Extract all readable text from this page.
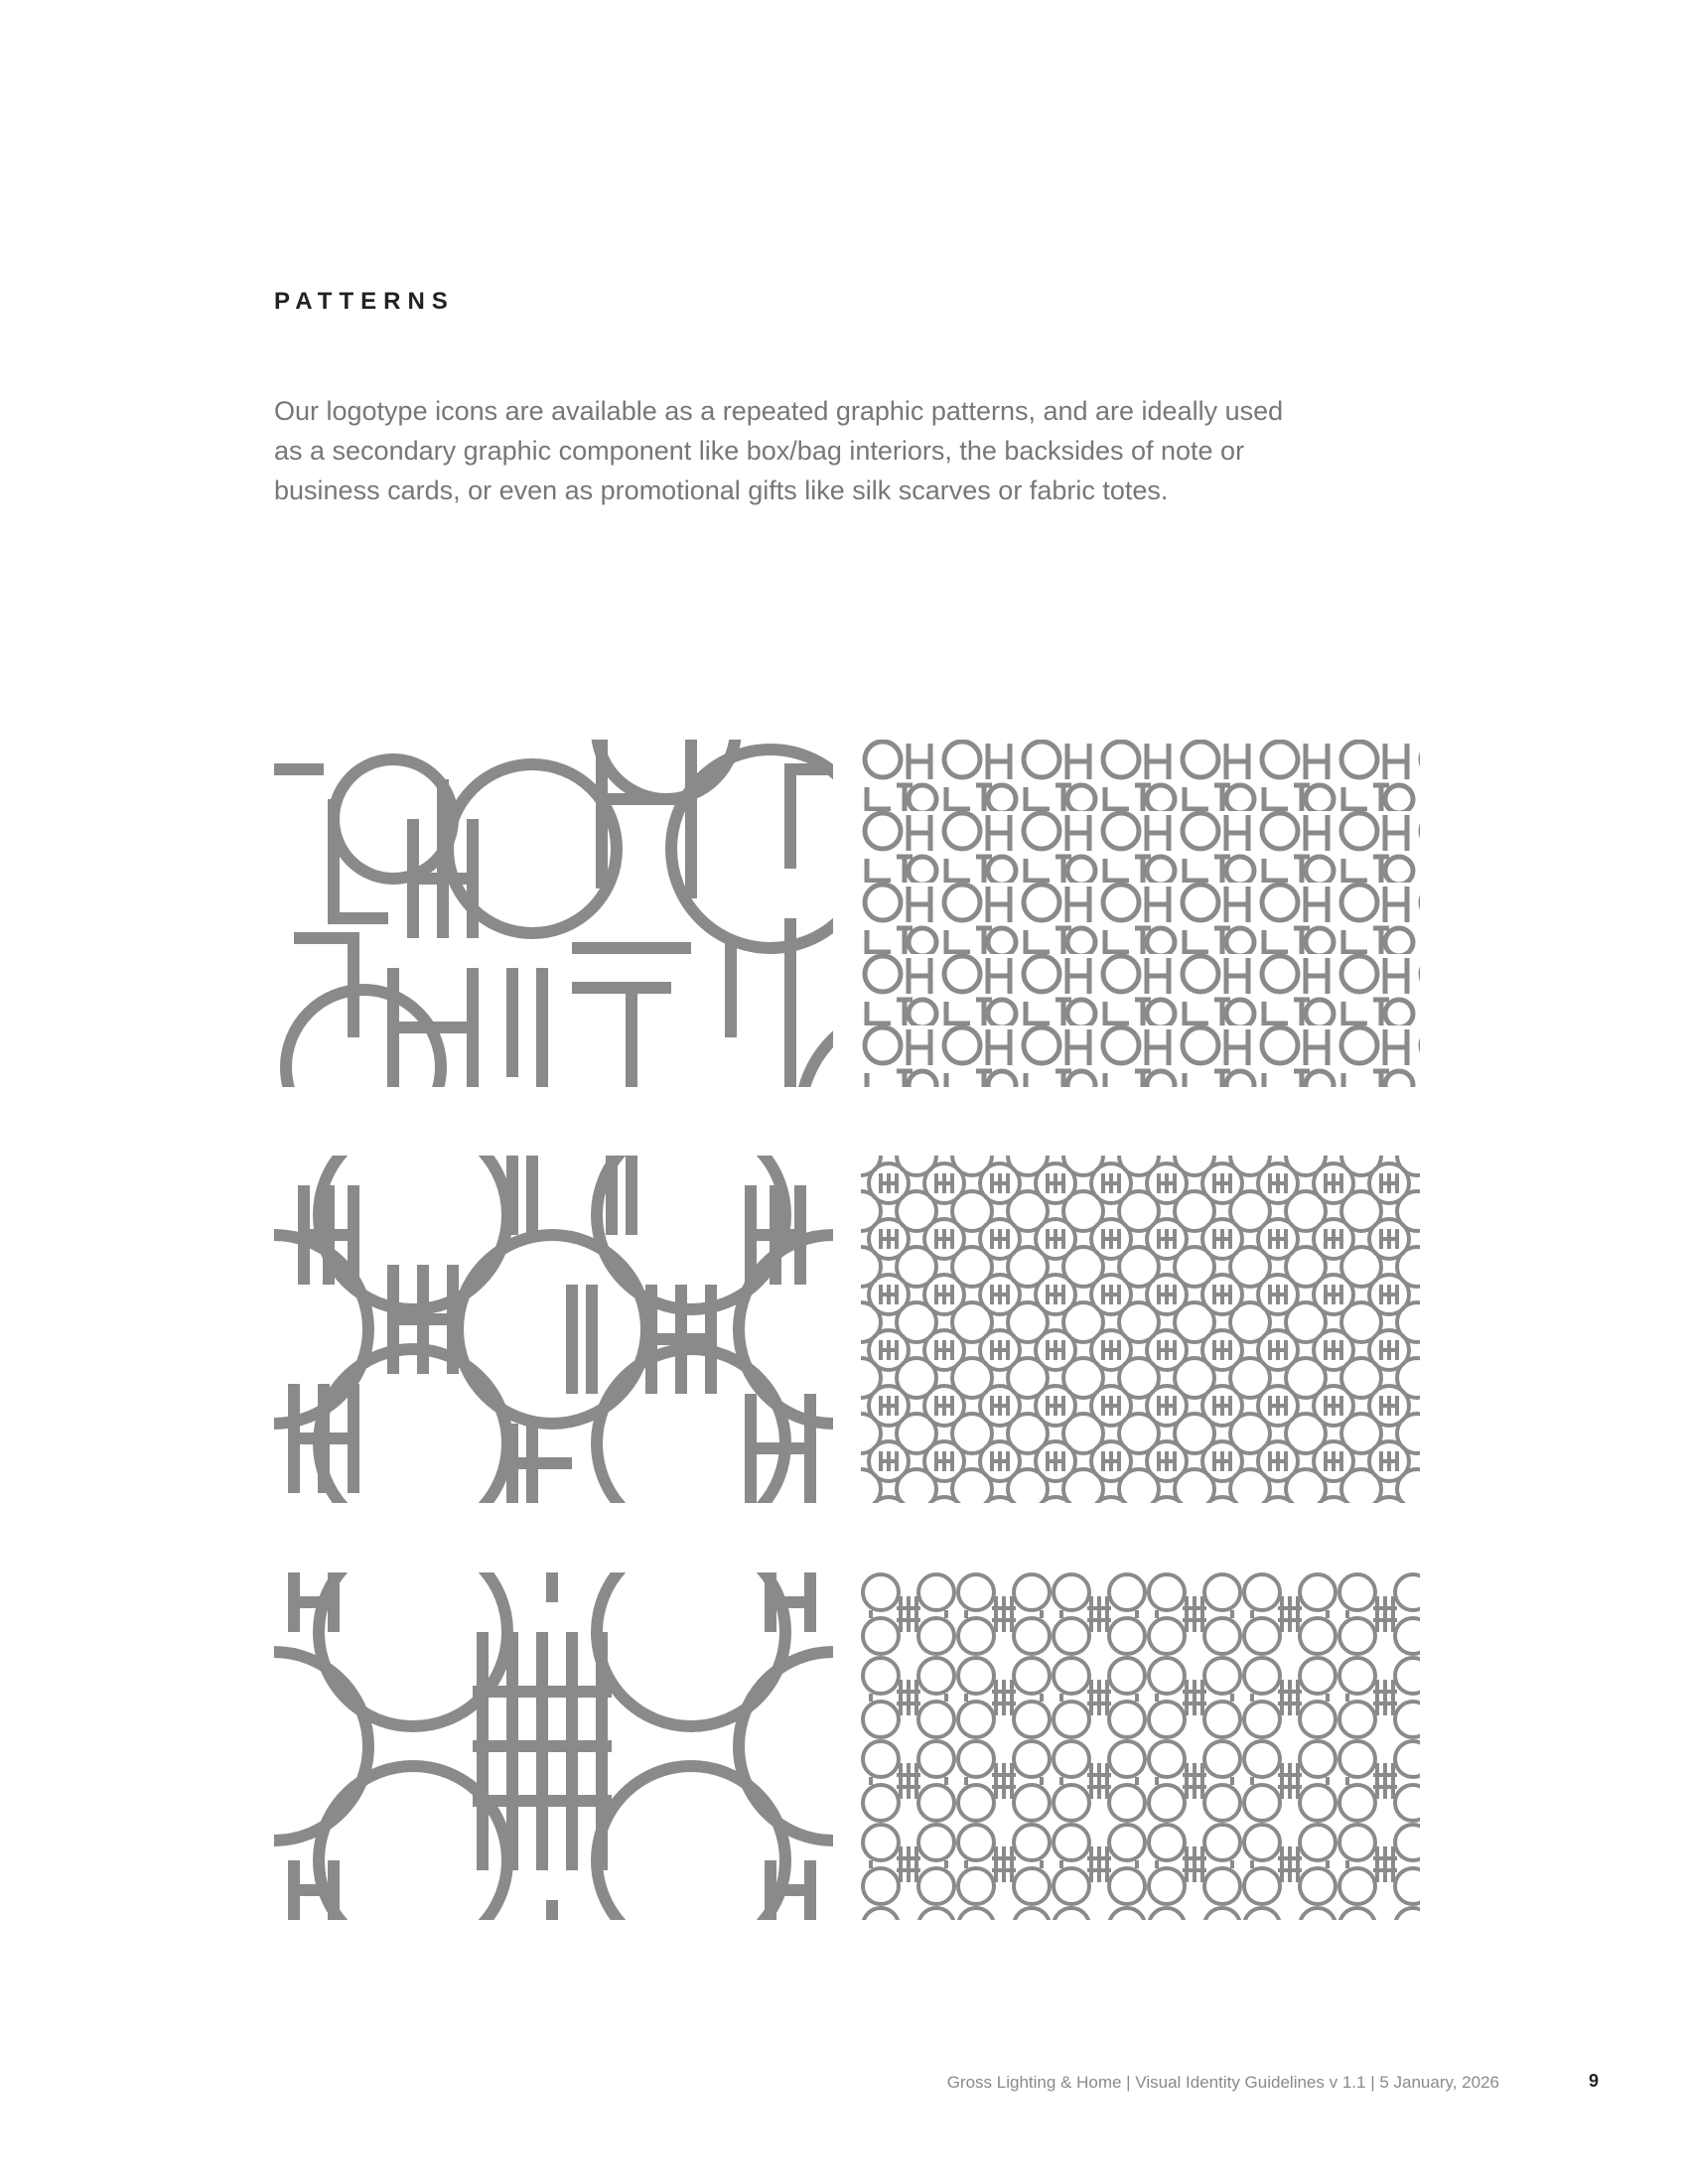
PATTERNS
Our logotype icons are available as a repeated graphic patterns, and are ideally used
as a secondary graphic component like box/bag interiors, the backsides of note or
business cards, or even as promotional gifts like silk scarves or fabric totes.
Gross Lighting & Home | Visual Identity Guidelines v 1.1 | 5 January, 2026	9
